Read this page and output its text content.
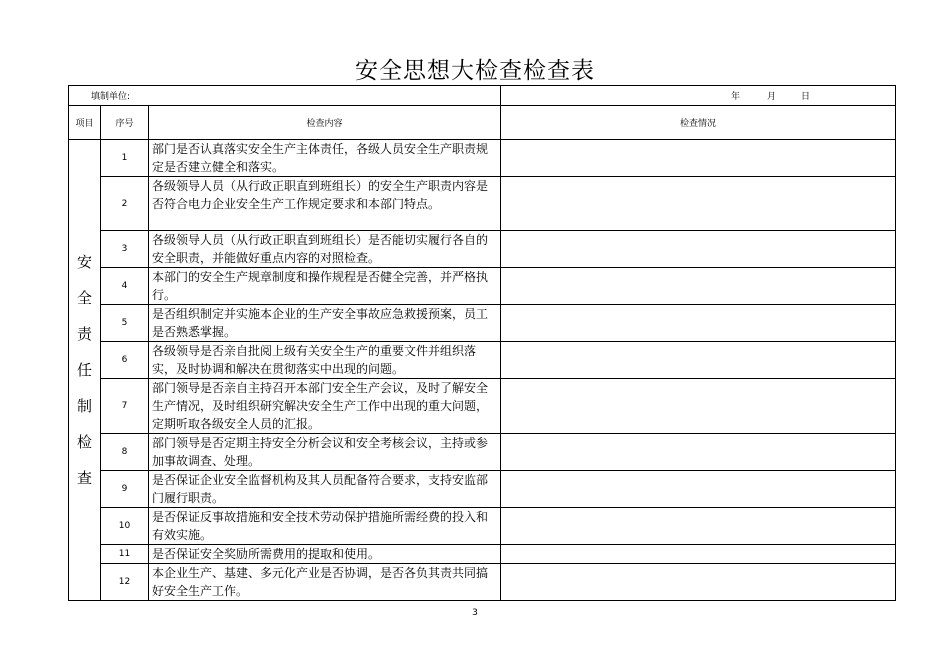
安全思想大检查检查表
填制单位:			年 月 日

项目	序号	检查内容	检查情况
安全责任制检查	1	部门是否认真落实安全生产主体责任，各级人员安全生产职责规定是否建立健全和落实。	
	2	各级领导人员（从行政正职直到班组长）的安全生产职责内容是否符合电力企业安全生产工作规定要求和本部门特点。	
	3	各级领导人员（从行政正职直到班组长）是否能切实履行各自的安全职责，并能做好重点内容的对照检查。	
	4	本部门的安全生产规章制度和操作规程是否健全完善，并严格执行。	
	5	是否组织制定并实施本企业的生产安全事故应急救援预案，员工是否熟悉掌握。	
	6	各级领导是否亲自批阅上级有关安全生产的重要文件并组织落实，及时协调和解决在贯彻落实中出现的问题。	
	7	部门领导是否亲自主持召开本部门安全生产会议，及时了解安全生产情况，及时组织研究解决安全生产工作中出现的重大问题，定期听取各级安全人员的汇报。	
	8	部门领导是否定期主持安全分析会议和安全考核会议，主持或参加事故调查、处理。	
	9	是否保证企业安全监督机构及其人员配备符合要求，支持安监部门履行职责。	
	10	是否保证反事故措施和安全技术劳动保护措施所需经费的投入和有效实施。	
	11	是否保证安全奖励所需费用的提取和使用。	
	12	本企业生产、基建、多元化产业是否协调，是否各负其责共同搞好安全生产工作。	
3
